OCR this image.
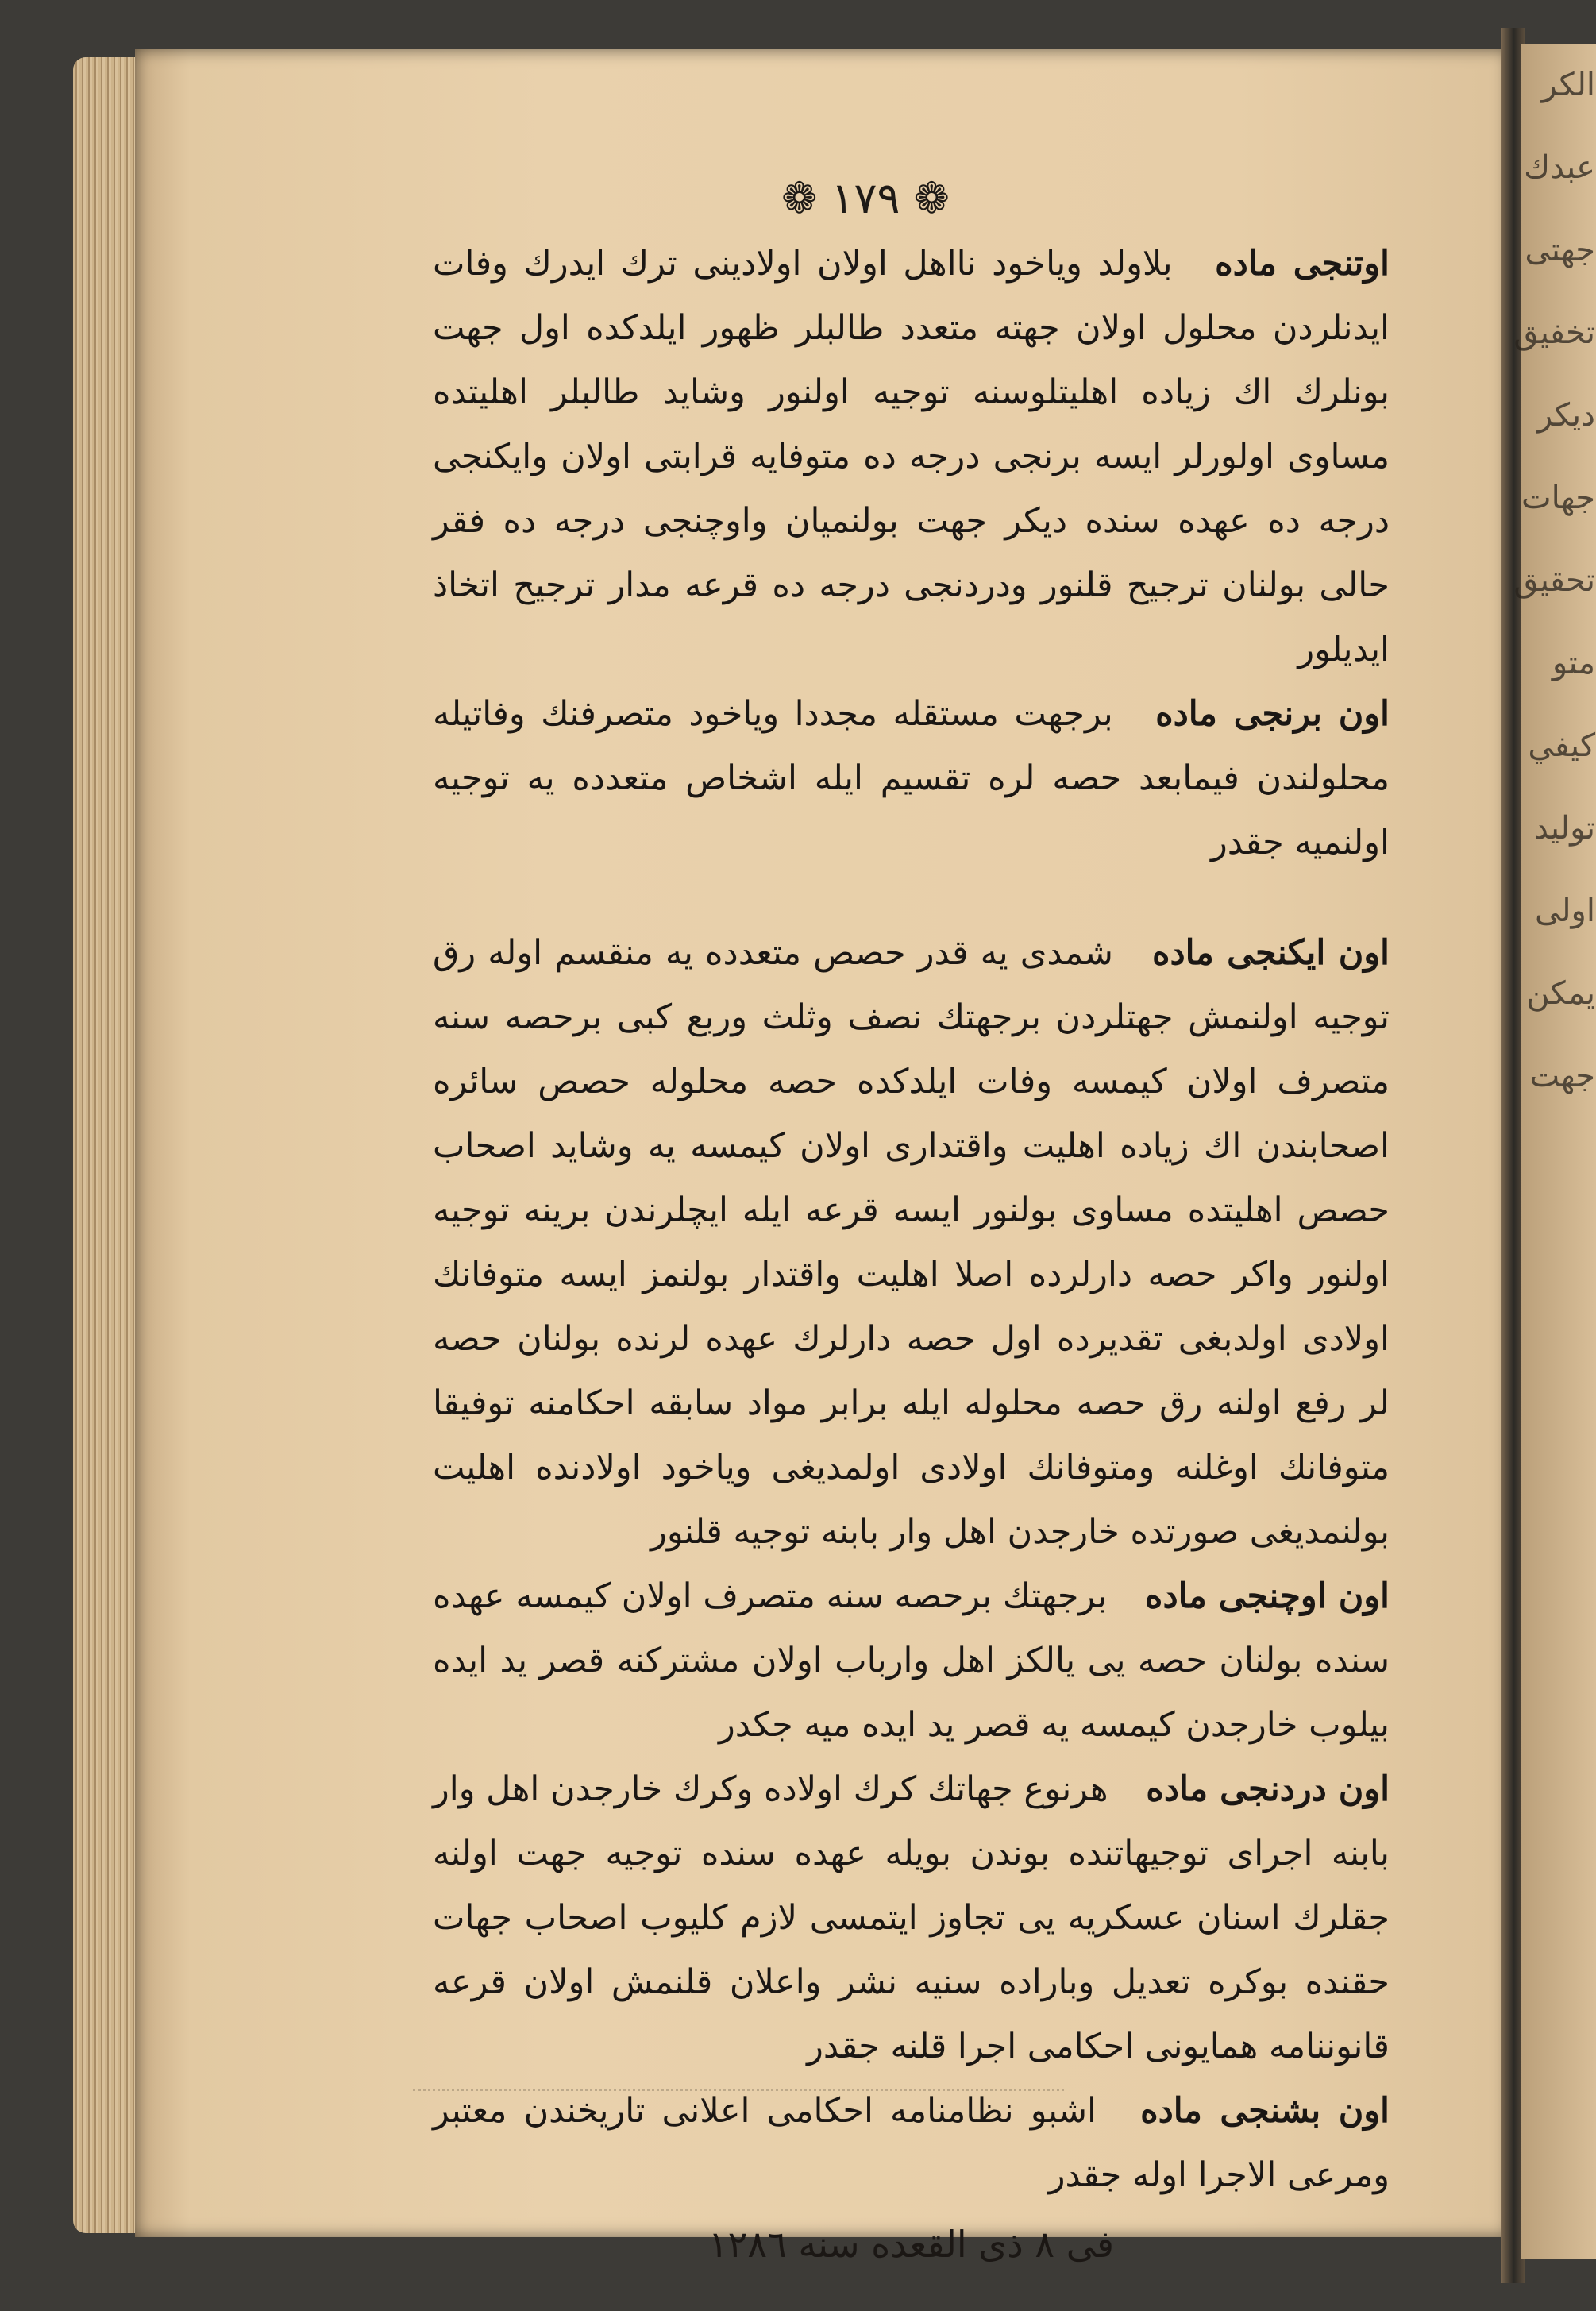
الكر عبدك جهتى تخفيق ديكر جهات تحقيق متو كيفي توليد اولى يمكن جهت
❁ ۱۷۹ ❁

اوتنجی ماده بلاولد وياخود نااهل اولان اولادينى ترك ايدرك وفات ايدنلردن محلول اولان جهته متعدد طالبلر ظهور ايلدكده اول جهت بونلرك اك زياده اهليتلوسنه توجيه اولنور وشايد طالبلر اهليتده مساوى اولورلر ايسه برنجى درجه ده متوفايه قرابتى اولان وايكنجى درجه ده عهده سنده ديكر جهت بولنميان واوچنجى درجه ده فقر حالى بولنان ترجيح قلنور ودردنجى درجه ده قرعه مدار ترجيح اتخاذ ايديلور

اون برنجى ماده برجهت مستقله مجددا وياخود متصرفنك وفاتيله محلولندن فيمابعد حصه لره تقسيم ايله اشخاص متعدده يه توجيه اولنميه جقدر

اون ايكنجى ماده شمدى يه قدر حصص متعدده يه منقسم اوله رق توجيه اولنمش جهتلردن برجهتك نصف وثلث وربع كبى برحصه سنه متصرف اولان كيمسه وفات ايلدكده حصه محلوله حصص سائره اصحابندن اك زياده اهليت واقتدارى اولان كيمسه يه وشايد اصحاب حصص اهليتده مساوى بولنور ايسه قرعه ايله ايچلرندن برينه توجيه اولنور واكر حصه دارلرده اصلا اهليت واقتدار بولنمز ايسه متوفانك اولادى اولدبغى تقديرده اول حصه دارلرك عهده لرنده بولنان حصه لر رفع اولنه رق حصه محلوله ايله برابر مواد سابقه احكامنه توفيقا متوفانك اوغلنه ومتوفانك اولادى اولمديغى وياخود اولادنده اهليت بولنمديغى صورتده خارجدن اهل وار بابنه توجيه قلنور

اون اوچنجى ماده برجهتك برحصه سنه متصرف اولان كيمسه عهده سنده بولنان حصه يى يالكز اهل وارباب اولان مشتركنه قصر يد ايده بيلوب خارجدن كيمسه يه قصر يد ايده ميه جكدر

اون دردنجى ماده هرنوع جهاتك كرك اولاده وكرك خارجدن اهل وار بابنه اجراى توجيهاتنده بوندن بويله عهده سنده توجيه جهت اولنه جقلرك اسنان عسكريه يى تجاوز ايتمسى لازم كليوب اصحاب جهات حقنده بوكره تعديل وباراده سنيه نشر واعلان قلنمش اولان قرعه قانوننامه همايونى احكامى اجرا قلنه جقدر

اون بشنجى ماده اشبو نظامنامه احكامى اعلانى تاريخندن معتبر ومرعى الاجرا اوله جقدر

فى ٨ ذى القعده سنه ١٢٨٦
